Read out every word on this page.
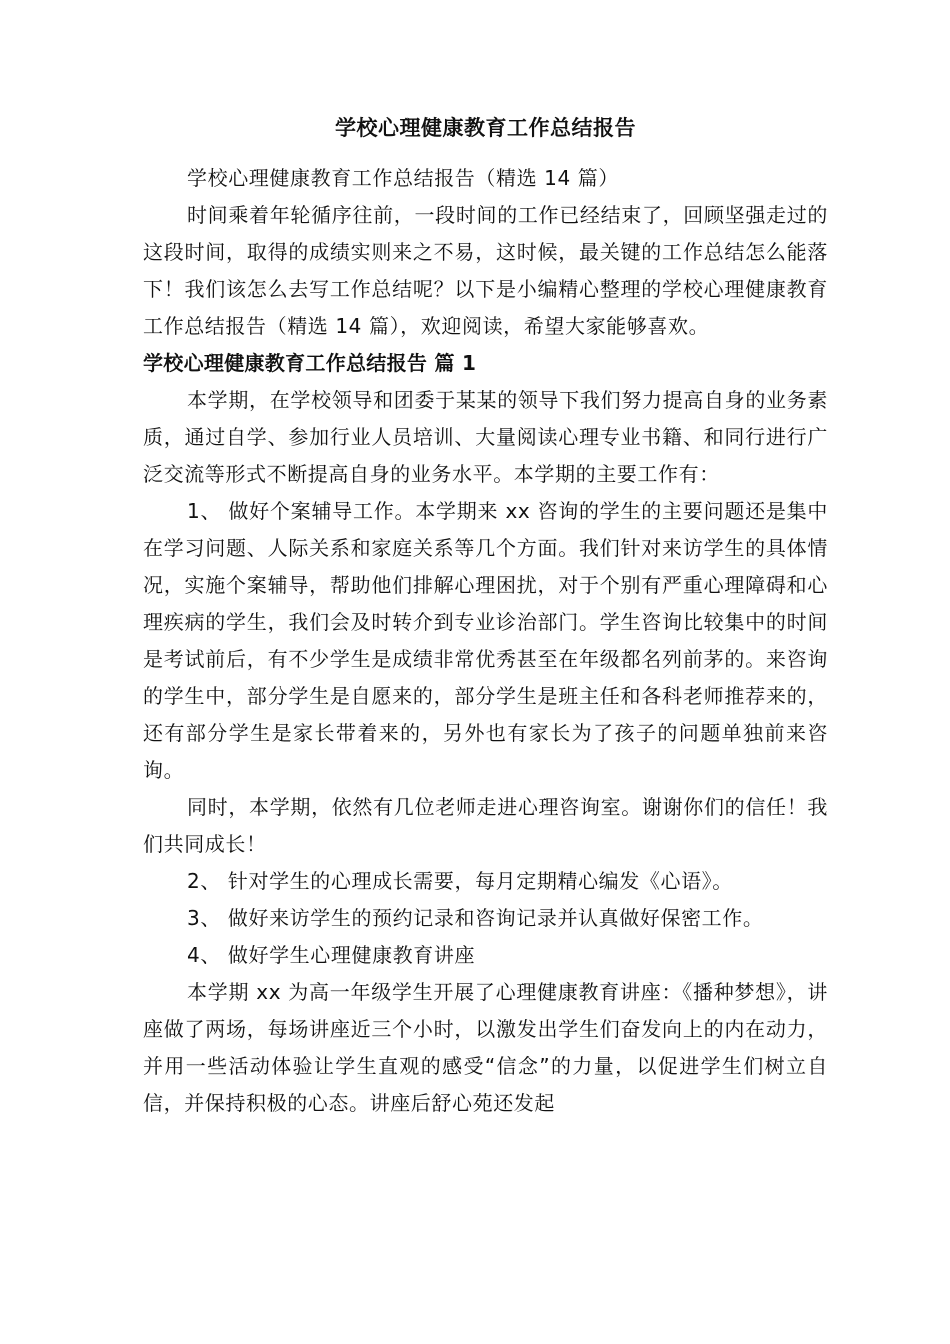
学校心理健康教育工作总结报告

学校心理健康教育工作总结报告（精选 14 篇）

时间乘着年轮循序往前，一段时间的工作已经结束了，回顾坚强走过的这段时间，取得的成绩实则来之不易，这时候，最关键的工作总结怎么能落下！我们该怎么去写工作总结呢？以下是小编精心整理的学校心理健康教育工作总结报告（精选 14 篇），欢迎阅读，希望大家能够喜欢。

学校心理健康教育工作总结报告 篇 1

本学期，在学校领导和团委于某某的领导下我们努力提高自身的业务素质，通过自学、参加行业人员培训、大量阅读心理专业书籍、和同行进行广泛交流等形式不断提高自身的业务水平。本学期的主要工作有：

1、 做好个案辅导工作。本学期来 xx 咨询的学生的主要问题还是集中在学习问题、人际关系和家庭关系等几个方面。我们针对来访学生的具体情况，实施个案辅导，帮助他们排解心理困扰，对于个别有严重心理障碍和心理疾病的学生，我们会及时转介到专业诊治部门。学生咨询比较集中的时间是考试前后，有不少学生是成绩非常优秀甚至在年级都名列前茅的。来咨询的学生中，部分学生是自愿来的，部分学生是班主任和各科老师推荐来的，还有部分学生是家长带着来的，另外也有家长为了孩子的问题单独前来咨询。

同时，本学期，依然有几位老师走进心理咨询室。谢谢你们的信任！我们共同成长！

2、 针对学生的心理成长需要，每月定期精心编发《心语》。

3、 做好来访学生的预约记录和咨询记录并认真做好保密工作。

4、 做好学生心理健康教育讲座

本学期 xx 为高一年级学生开展了心理健康教育讲座：《播种梦想》，讲座做了两场，每场讲座近三个小时，以激发出学生们奋发向上的内在动力，并用一些活动体验让学生直观的感受“信念”的力量，以促进学生们树立自信，并保持积极的心态。讲座后舒心苑还发起
